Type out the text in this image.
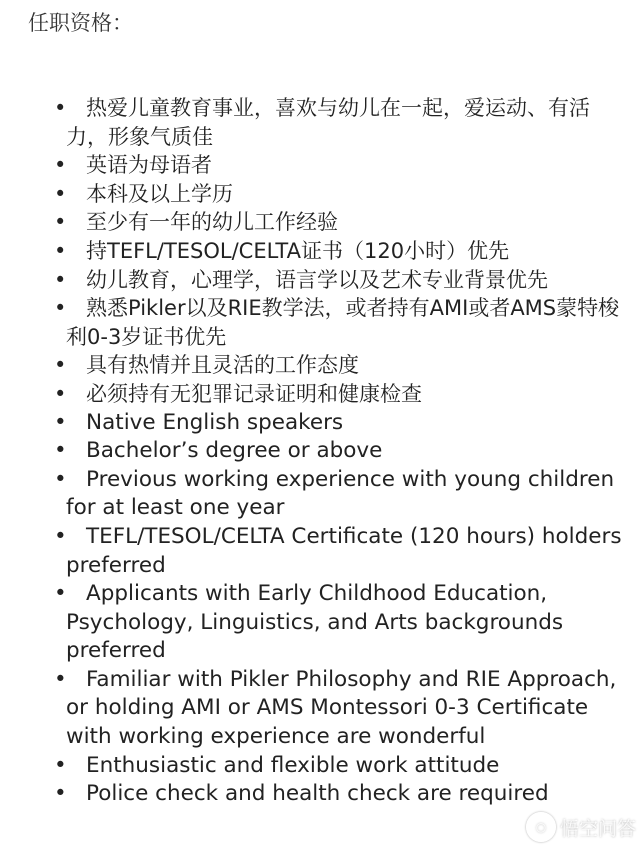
任职资格：
• 热爱儿童教育事业，喜欢与幼儿在一起，爱运动、有活力，形象气质佳
• 英语为母语者
• 本科及以上学历
• 至少有一年的幼儿工作经验
• 持TEFL/TESOL/CELTA证书（120小时）优先
• 幼儿教育，心理学，语言学以及艺术专业背景优先
• 熟悉Pikler以及RIE教学法，或者持有AMI或者AMS蒙特梭利0-3岁证书优先
• 具有热情并且灵活的工作态度
• 必须持有无犯罪记录证明和健康检查
• Native English speakers
• Bachelor’s degree or above
• Previous working experience with young children for at least one year
• TEFL/TESOL/CELTA Certificate (120 hours) holders preferred
• Applicants with Early Childhood Education, Psychology, Linguistics, and Arts backgrounds preferred
• Familiar with Pikler Philosophy and RIE Approach, or holding AMI or AMS Montessori 0-3 Certificate with working experience are wonderful
• Enthusiastic and flexible work attitude
• Police check and health check are required
○ 悟空问答
